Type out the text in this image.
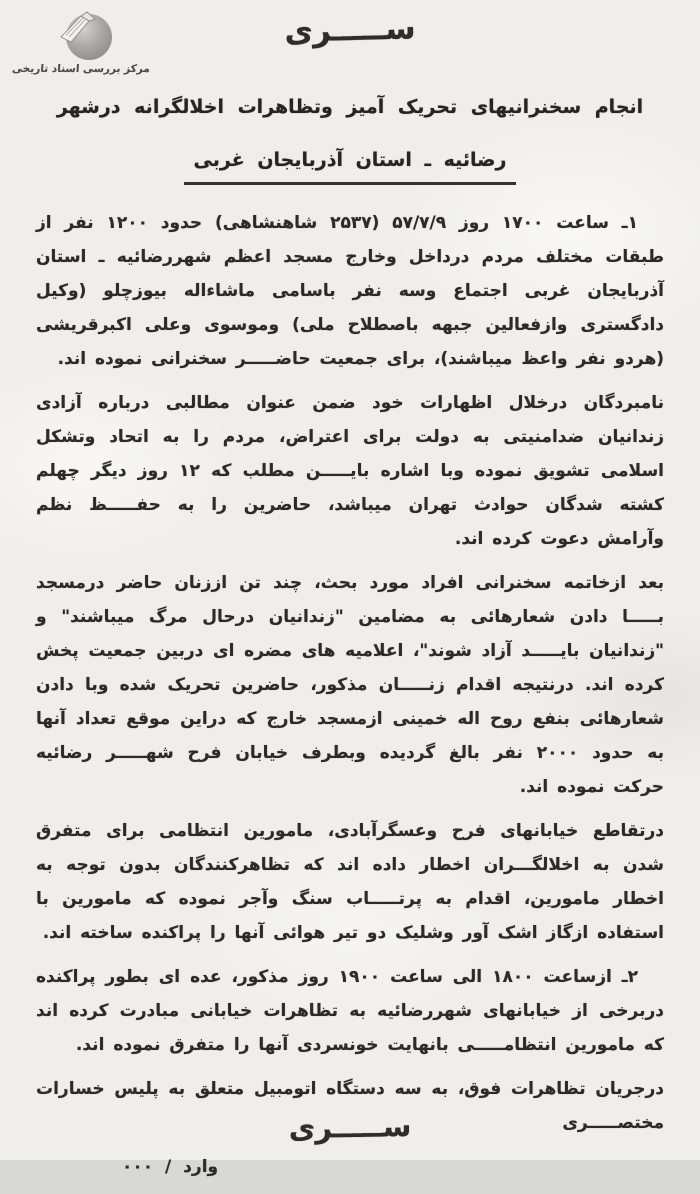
ســـــری
مرکز بررسی اسناد تاریخی
انجام سخنرانیهای تحریک آمیز وتظاهرات اخلالگرانه درشهر

رضائیه ـ استان آذربایجان غربی

۱ـ ساعت ۱۷۰۰ روز ۵۷/۷/۹ (۲۵۳۷ شاهنشاهی) حدود ۱۲۰۰ نفر از طبقات مختلف مردم درداخل وخارج مسجد اعظم شهررضائیه ـ استان آذربایجان غربی اجتماع وسه نفر باسامی ماشاءاله بیوزچلو (وکیل دادگستری وازفعالین جبهه باصطلاح ملی) وموسوی وعلی اکبرقریشی (هردو نفر واعظ میباشند)، برای جمعیت حاضـــــر سخنرانی نموده اند.

نامبردگان درخلال اظهارات خود ضمن عنوان مطالبی درباره آزادی زندانیان ضدامنیتی به دولت برای اعتراض، مردم را به اتحاد وتشکل اسلامی تشویق نموده وبا اشاره بایـــــن مطلب که ۱۲ روز دیگر چهلم کشته شدگان حوادث تهران میباشد، حاضرین را به حفـــــظ نظم وآرامش دعوت کرده اند.

بعد ازخاتمه سخنرانی افراد مورد بحث، چند تن اززنان حاضر درمسجد بـــــا دادن شعارهائی به مضامین "زندانیان درحال مرگ میباشند" و "زندانیان بایـــــد آزاد شوند"، اعلامیه های مضره ای دربین جمعیت پخش کرده اند. درنتیجه اقدام زنـــــان مذکور، حاضرین تحریک شده وبا دادن شعارهائی بنفع روح اله خمینی ازمسجد خارج که دراین موقع تعداد آنها به حدود ۲۰۰۰ نفر بالغ گردیده وبطرف خیابان فرح شهـــــر رضائیه حرکت نموده اند.

درتقاطع خیابانهای فرح وعسگرآبادی، مامورین انتظامی برای متفرق شدن به اخلالگـــران اخطار داده اند که تظاهرکنندگان بدون توجه به اخطار مامورین، اقدام به پرتـــــاب سنگ وآجر نموده که مامورین با استفاده ازگاز اشک آور وشلیک دو تیر هوائی آنها را پراکنده ساخته اند.

۲ـ ازساعت ۱۸۰۰ الی ساعت ۱۹۰۰ روز مذکور، عده ای بطور پراکنده دربرخی از خیابانهای شهررضائیه به تظاهرات خیابانی مبادرت کرده اند که مامورین انتظامـــــی بانهایت خونسردی آنها را متفرق نموده اند.

درجریان تظاهرات فوق، به سه دستگاه اتومبیل متعلق به پلیس خسارات مختصـــــری

وارد / ۰۰۰

ســـــری
